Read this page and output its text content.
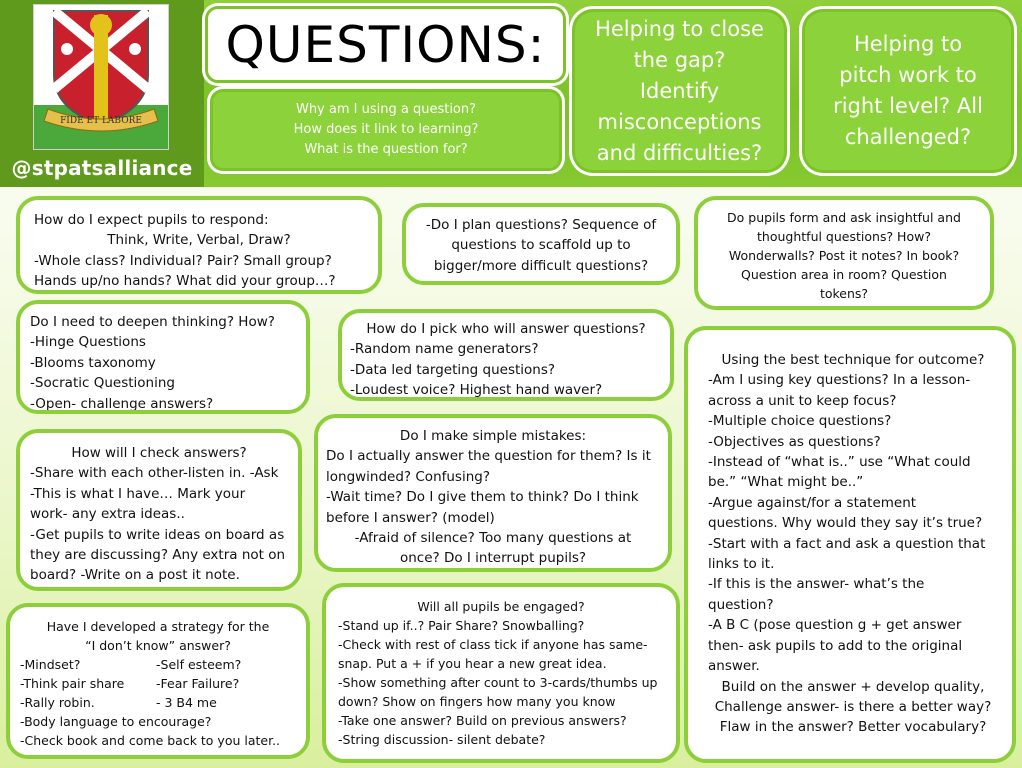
FIDE ET LABORE
@stpatsalliance
QUESTIONS:
Why am I using a question?
How does it link to learning?
What is the question for?
Helping to close
the gap?
Identify
misconceptions
and difficulties?
Helping to
pitch work to
right level? All
challenged?
How do I expect pupils to respond:
Think, Write, Verbal, Draw?
-Whole class? Individual? Pair? Small group?
Hands up/no hands? What did your group…?
-Do I plan questions? Sequence of
questions to scaffold up to
bigger/more difficult questions?
Do pupils form and ask insightful and
thoughtful questions? How?
Wonderwalls? Post it notes? In book?
Question area in room? Question
tokens?
Do I need to deepen thinking? How?
-Hinge Questions
-Blooms taxonomy
-Socratic Questioning
-Open- challenge answers?
How do I pick who will answer questions?
-Random name generators?
-Data led targeting questions?
-Loudest voice? Highest hand waver?
Using the best technique for outcome?
-Am I using key questions? In a lesson-
across a unit to keep focus?
-Multiple choice questions?
-Objectives as questions?
-Instead of “what is..” use “What could
be.” “What might be..”
-Argue against/for a statement
questions. Why would they say it’s true?
-Start with a fact and ask a question that
links to it.
-If this is the answer- what’s the
question?
-A B C (pose question g + get answer
then- ask pupils to add to the original
answer.
Build on the answer + develop quality,
Challenge answer- is there a better way?
Flaw in the answer? Better vocabulary?
How will I check answers?
-Share with each other-listen in. -Ask
-This is what I have… Mark your
work- any extra ideas..
-Get pupils to write ideas on board as
they are discussing? Any extra not on
board? -Write on a post it note.
Do I make simple mistakes:
Do I actually answer the question for them? Is it
longwinded? Confusing?
-Wait time? Do I give them to think? Do I think
before I answer? (model)
-Afraid of silence? Too many questions at
once? Do I interrupt pupils?
Have I developed a strategy for the
“I don’t know” answer?
-Mindset?	-Self esteem?
-Think pair share	-Fear Failure?
-Rally robin.	- 3 B4 me
-Body language to encourage?
-Check book and come back to you later..
Will all pupils be engaged?
-Stand up if..? Pair Share? Snowballing?
-Check with rest of class tick if anyone has same-
snap. Put a + if you hear a new great idea.
-Show something after count to 3-cards/thumbs up
down? Show on fingers how many you know
-Take one answer? Build on previous answers?
-String discussion- silent debate?
